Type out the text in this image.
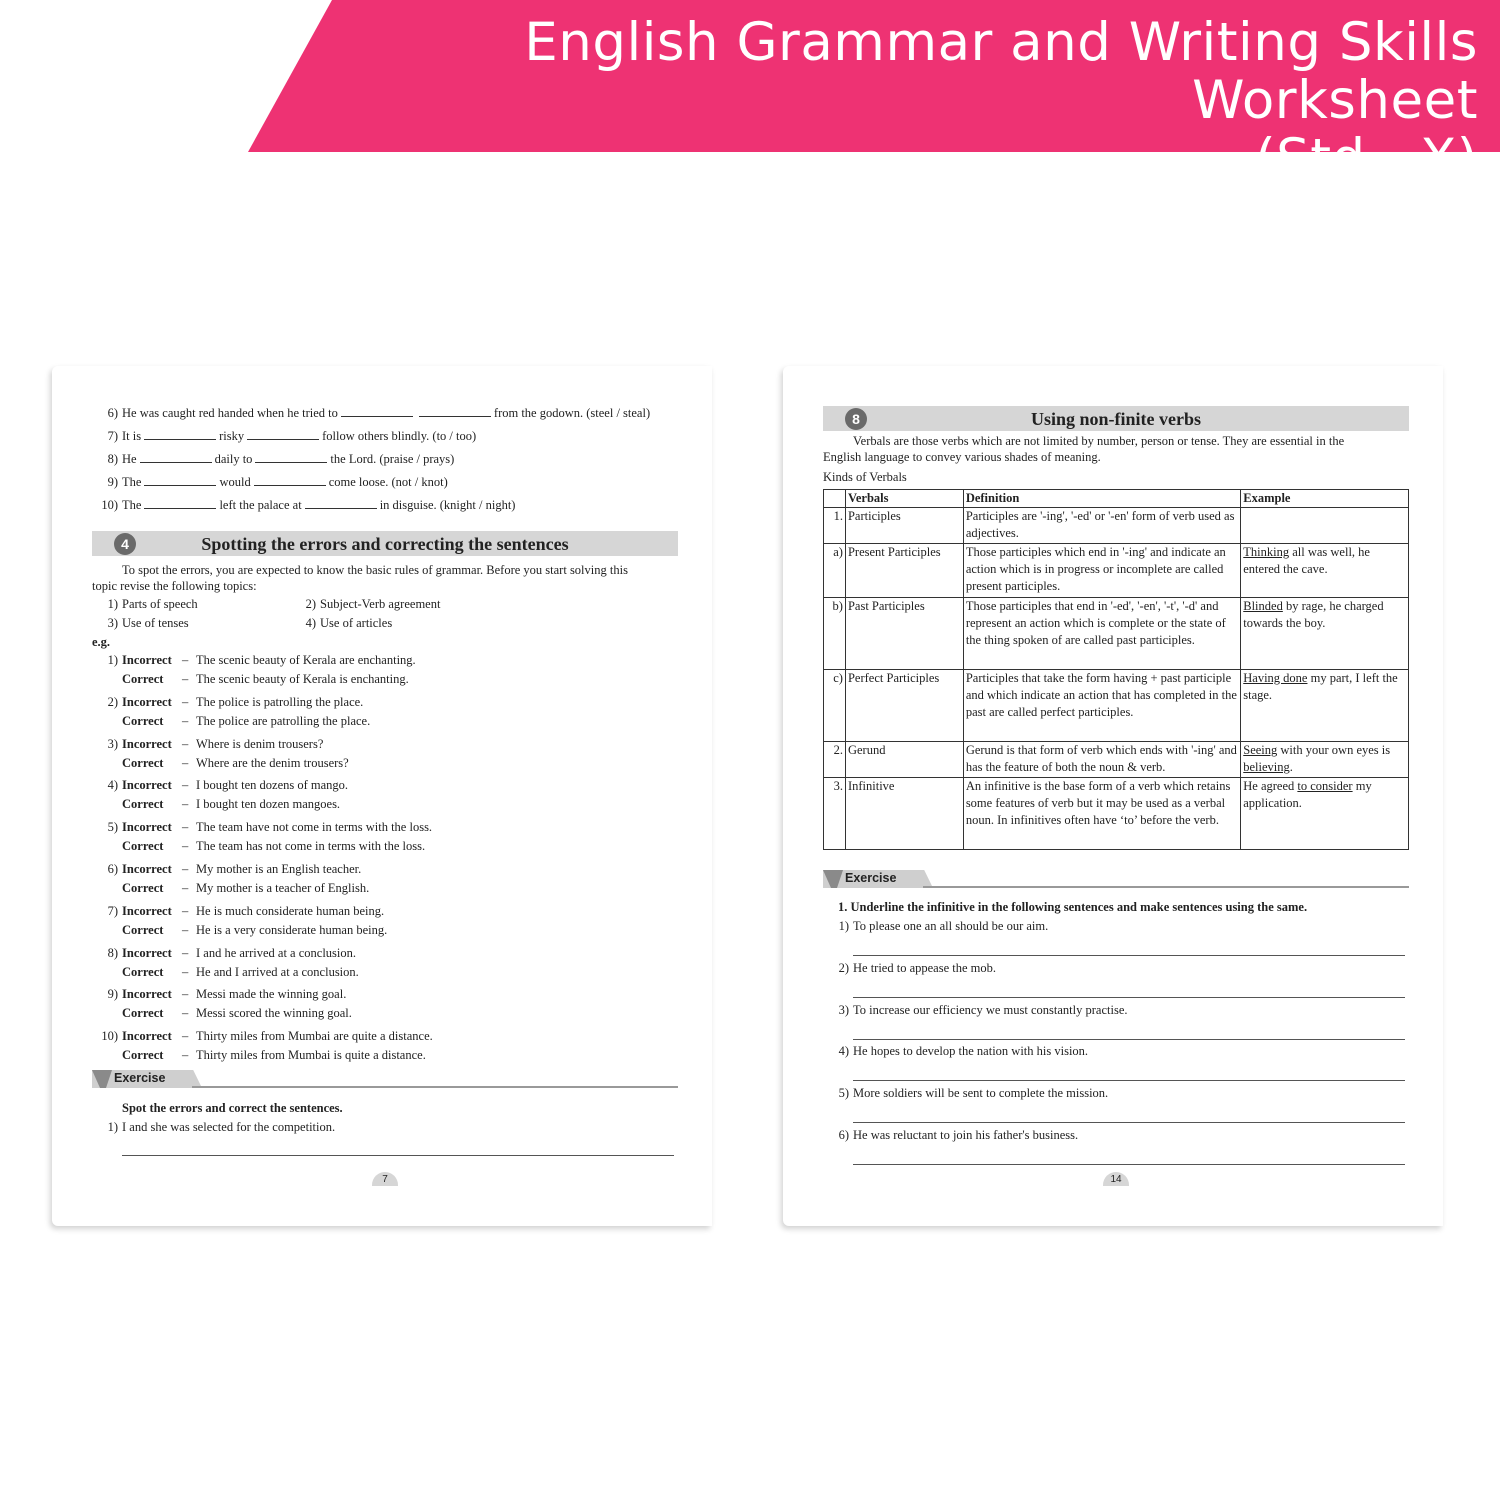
English Grammar and Writing Skills Worksheet
(Std - X)
6) He was caught red handed when he tried to	from the godown. (steel / steal)
7) It is	risky	follow others blindly. (to / too)
8) He	daily to	the Lord. (praise / prays)
9) The	would	come loose. (not / knot)
10) The	left the palace at	in disguise. (knight / night)
4	Spotting the errors and correcting the sentences
To spot the errors, you are expected to know the basic rules of grammar. Before you start solving this
topic revise the following topics:
1) Parts of speech	2) Subject-Verb agreement
3) Use of tenses	4) Use of articles
e.g.
1) Incorrect – The scenic beauty of Kerala are enchanting.
Correct – The scenic beauty of Kerala is enchanting.
2) Incorrect – The police is patrolling the place.
Correct – The police are patrolling the place.
3) Incorrect – Where is denim trousers?
Correct – Where are the denim trousers?
4) Incorrect – I bought ten dozens of mango.
Correct – I bought ten dozen mangoes.
5) Incorrect – The team have not come in terms with the loss.
Correct – The team has not come in terms with the loss.
6) Incorrect – My mother is an English teacher.
Correct – My mother is a teacher of English.
7) Incorrect – He is much considerate human being.
Correct – He is a very considerate human being.
8) Incorrect – I and he arrived at a conclusion.
Correct – He and I arrived at a conclusion.
9) Incorrect – Messi made the winning goal.
Correct – Messi scored the winning goal.
10) Incorrect – Thirty miles from Mumbai are quite a distance.
Correct – Thirty miles from Mumbai is quite a distance.
Exercise
Spot the errors and correct the sentences.
1) I and she was selected for the competition.
7
8	Using non-finite verbs
Verbals are those verbs which are not limited by number, person or tense. They are essential in the
English language to convey various shades of meaning.
Kinds of Verbals
	Verbals	Definition	Example
1.	Participles	Participles are '-ing', '-ed' or '-en' form of verb used as adjectives.	
a)	Present Participles	Those participles which end in '-ing' and indicate an action which is in progress or incomplete are called present participles.	Thinking all was well, he entered the cave.
b)	Past Participles	Those participles that end in '-ed', '-en', '-t', '-d' and represent an action which is complete or the state of the thing spoken of are called past participles.	Blinded by rage, he charged towards the boy.
c)	Perfect Participles	Participles that take the form having + past participle and which indicate an action that has completed in the past are called perfect participles.	Having done my part, I left the stage.
2.	Gerund	Gerund is that form of verb which ends with '-ing' and has the feature of both the noun & verb.	Seeing with your own eyes is believing.
3.	Infinitive	An infinitive is the base form of a verb which retains some features of verb but it may be used as a verbal noun. In infinitives often have ‘to’ before the verb.	He agreed to consider my application.
Exercise
1. Underline the infinitive in the following sentences and make sentences using the same.
1) To please one an all should be our aim.
2) He tried to appease the mob.
3) To increase our efficiency we must constantly practise.
4) He hopes to develop the nation with his vision.
5) More soldiers will be sent to complete the mission.
6) He was reluctant to join his father's business.
14
